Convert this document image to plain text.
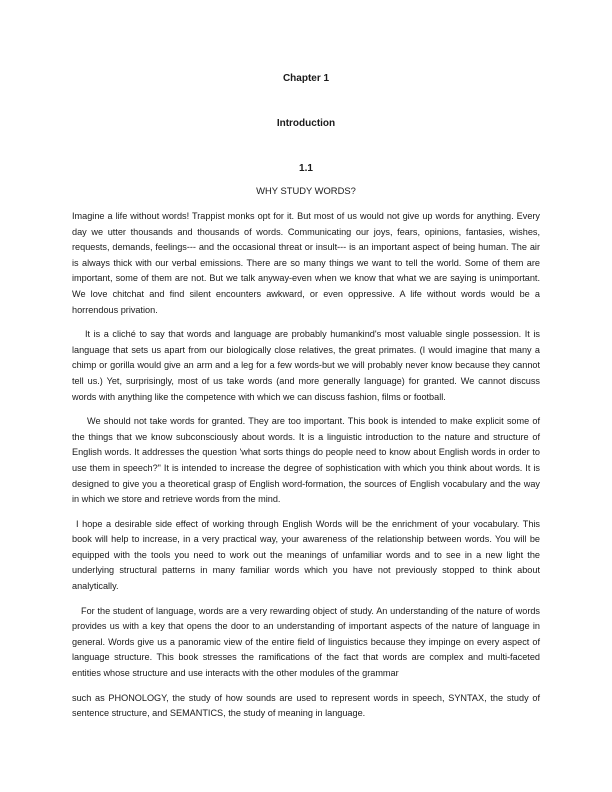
Chapter 1
Introduction
1.1
WHY STUDY WORDS?

Imagine a life without words! Trappist monks opt for it. But most of us would not give up words for anything. Every day we utter thousands and thousands of words. Communicating our joys, fears, opinions, fantasies, wishes, requests, demands, feelings--- and the occasional threat or insult--- is an important aspect of being human. The air is always thick with our verbal emissions. There are so many things we want to tell the world. Some of them are important, some of them are not. But we talk anyway-even when we know that what we are saying is unimportant. We love chitchat and find silent encounters awkward, or even oppressive. A life without words would be a horrendous privation.

It is a cliché to say that words and language are probably humankind's most valuable single possession. It is language that sets us apart from our biologically close relatives, the great primates. (I would imagine that many a chimp or gorilla would give an arm and a leg for a few words-but we will probably never know because they cannot tell us.) Yet, surprisingly, most of us take words (and more generally language) for granted. We cannot discuss words with anything like the competence with which we can discuss fashion, films or football.

We should not take words for granted. They are too important. This book is intended to make explicit some of the things that we know subconsciously about words. It is a linguistic introduction to the nature and structure of English words. It addresses the question 'what sorts things do people need to know about English words in order to use them in speech?" It is intended to increase the degree of sophistication with which you think about words. It is designed to give you a theoretical grasp of English word-formation, the sources of English vocabulary and the way in which we store and retrieve words from the mind.

I hope a desirable side effect of working through English Words will be the enrichment of your vocabulary. This book will help to increase, in a very practical way, your awareness of the relationship between words. You will be equipped with the tools you need to work out the meanings of unfamiliar words and to see in a new light the underlying structural patterns in many familiar words which you have not previously stopped to think about analytically.

For the student of language, words are a very rewarding object of study. An understanding of the nature of words provides us with a key that opens the door to an understanding of important aspects of the nature of language in general. Words give us a panoramic view of the entire field of linguistics because they impinge on every aspect of language structure. This book stresses the ramifications of the fact that words are complex and multi-faceted entities whose structure and use interacts with the other modules of the grammar

such as PHONOLOGY, the study of how sounds are used to represent words in speech, SYNTAX, the study of sentence structure, and SEMANTICS, the study of meaning in language.
